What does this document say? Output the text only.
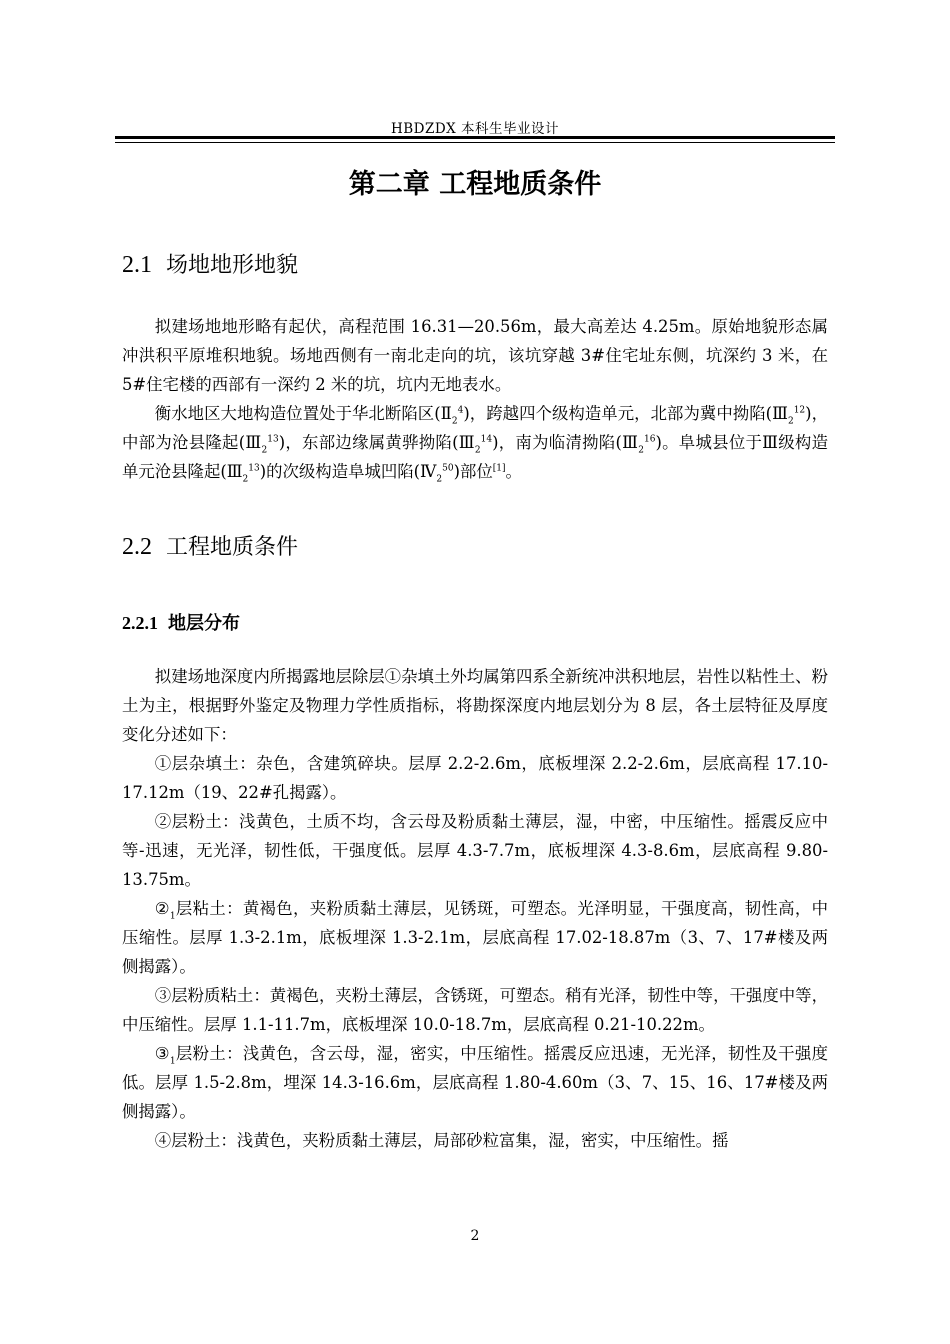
HBDZDX 本科生毕业设计
第二章 工程地质条件
2.1 场地地形地貌

拟建场地地形略有起伏，高程范围 16.31—20.56m，最大高差达 4.25m。原始地貌形态属冲洪积平原堆积地貌。场地西侧有一南北走向的坑，该坑穿越 3#住宅址东侧，坑深约 3 米，在 5#住宅楼的西部有一深约 2 米的坑，坑内无地表水。

衡水地区大地构造位置处于华北断陷区$(Ⅱ_2^4)$，跨越四个级构造单元，北部为冀中拗陷$(Ⅲ_2^{12})$，中部为沧县隆起$(Ⅲ_2^{13})$，东部边缘属黄骅拗陷$(Ⅲ_2^{14})$，南为临清拗陷$(Ⅲ_2^{16})$。阜城县位于Ⅲ级构造单元沧县隆起$(Ⅲ_2^{13})$的次级构造阜城凹陷$(Ⅳ_2^{50})$部位[1]。

2.2 工程地质条件
2.2.1 地层分布

拟建场地深度内所揭露地层除层①杂填土外均属第四系全新统冲洪积地层，岩性以粘性土、粉土为主，根据野外鉴定及物理力学性质指标，将勘探深度内地层划分为 8 层，各土层特征及厚度变化分述如下：

①层杂填土：杂色，含建筑碎块。层厚 2.2-2.6m，底板埋深 2.2-2.6m，层底高程 17.10-17.12m（19、22#孔揭露）。

②层粉土：浅黄色，土质不均，含云母及粉质黏土薄层，湿，中密，中压缩性。摇震反应中等-迅速，无光泽，韧性低，干强度低。层厚 4.3-7.7m，底板埋深 4.3-8.6m，层底高程 9.80-13.75m。

$②_1$层粘土：黄褐色，夹粉质黏土薄层，见锈斑，可塑态。光泽明显，干强度高，韧性高，中压缩性。层厚 1.3-2.1m，底板埋深 1.3-2.1m，层底高程 17.02-18.87m（3、7、17#楼及两侧揭露）。

③层粉质粘土：黄褐色，夹粉土薄层，含锈斑，可塑态。稍有光泽，韧性中等，干强度中等，中压缩性。层厚 1.1-11.7m，底板埋深 10.0-18.7m，层底高程 0.21-10.22m。

$③_1$层粉土：浅黄色，含云母，湿，密实，中压缩性。摇震反应迅速，无光泽，韧性及干强度低。层厚 1.5-2.8m，埋深 14.3-16.6m，层底高程 1.80-4.60m（3、7、15、16、17#楼及两侧揭露）。

④层粉土：浅黄色，夹粉质黏土薄层，局部砂粒富集，湿，密实，中压缩性。摇

2
